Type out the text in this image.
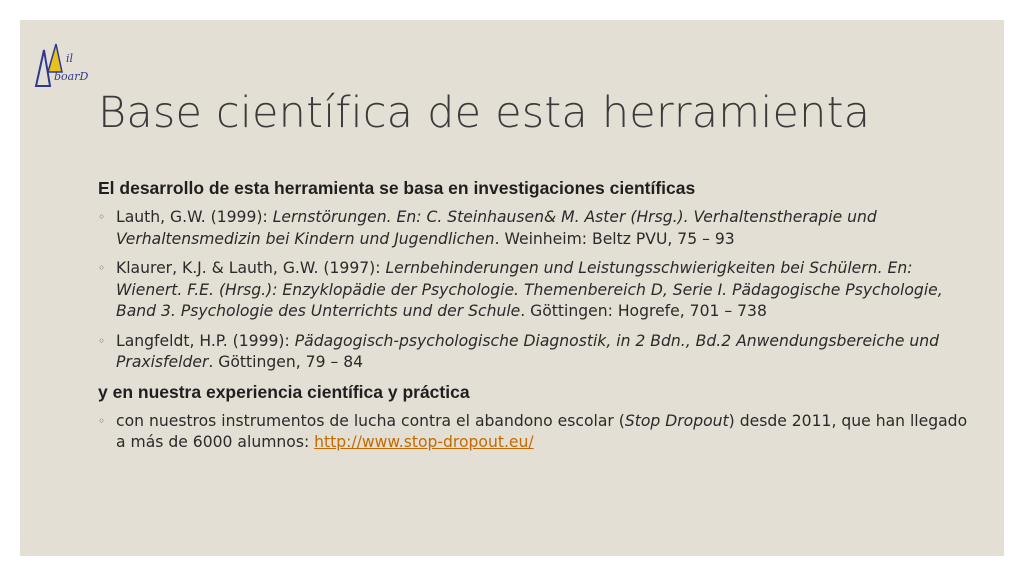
il
boarD
Base científica de esta herramienta
El desarrollo de esta herramienta se basa en investigaciones científicas
◦ Lauth, G.W. (1999): Lernstörungen. En: C. Steinhausen& M. Aster (Hrsg.). Verhaltenstherapie und Verhaltensmedizin bei Kindern und Jugendlichen. Weinheim: Beltz PVU, 75 – 93
◦ Klaurer, K.J. & Lauth, G.W. (1997): Lernbehinderungen und Leistungsschwierigkeiten bei Schülern. En: Wienert. F.E. (Hrsg.): Enzyklopädie der Psychologie. Themenbereich D, Serie I. Pädagogische Psychologie, Band 3. Psychologie des Unterrichts und der Schule. Göttingen: Hogrefe, 701 – 738
◦ Langfeldt, H.P. (1999): Pädagogisch-psychologische Diagnostik, in 2 Bdn., Bd.2 Anwendungsbereiche und Praxisfelder. Göttingen, 79 – 84
y en nuestra experiencia científica y práctica
◦ con nuestros instrumentos de lucha contra el abandono escolar (Stop Dropout) desde 2011, que han llegado a más de 6000 alumnos: http://www.stop-dropout.eu/
